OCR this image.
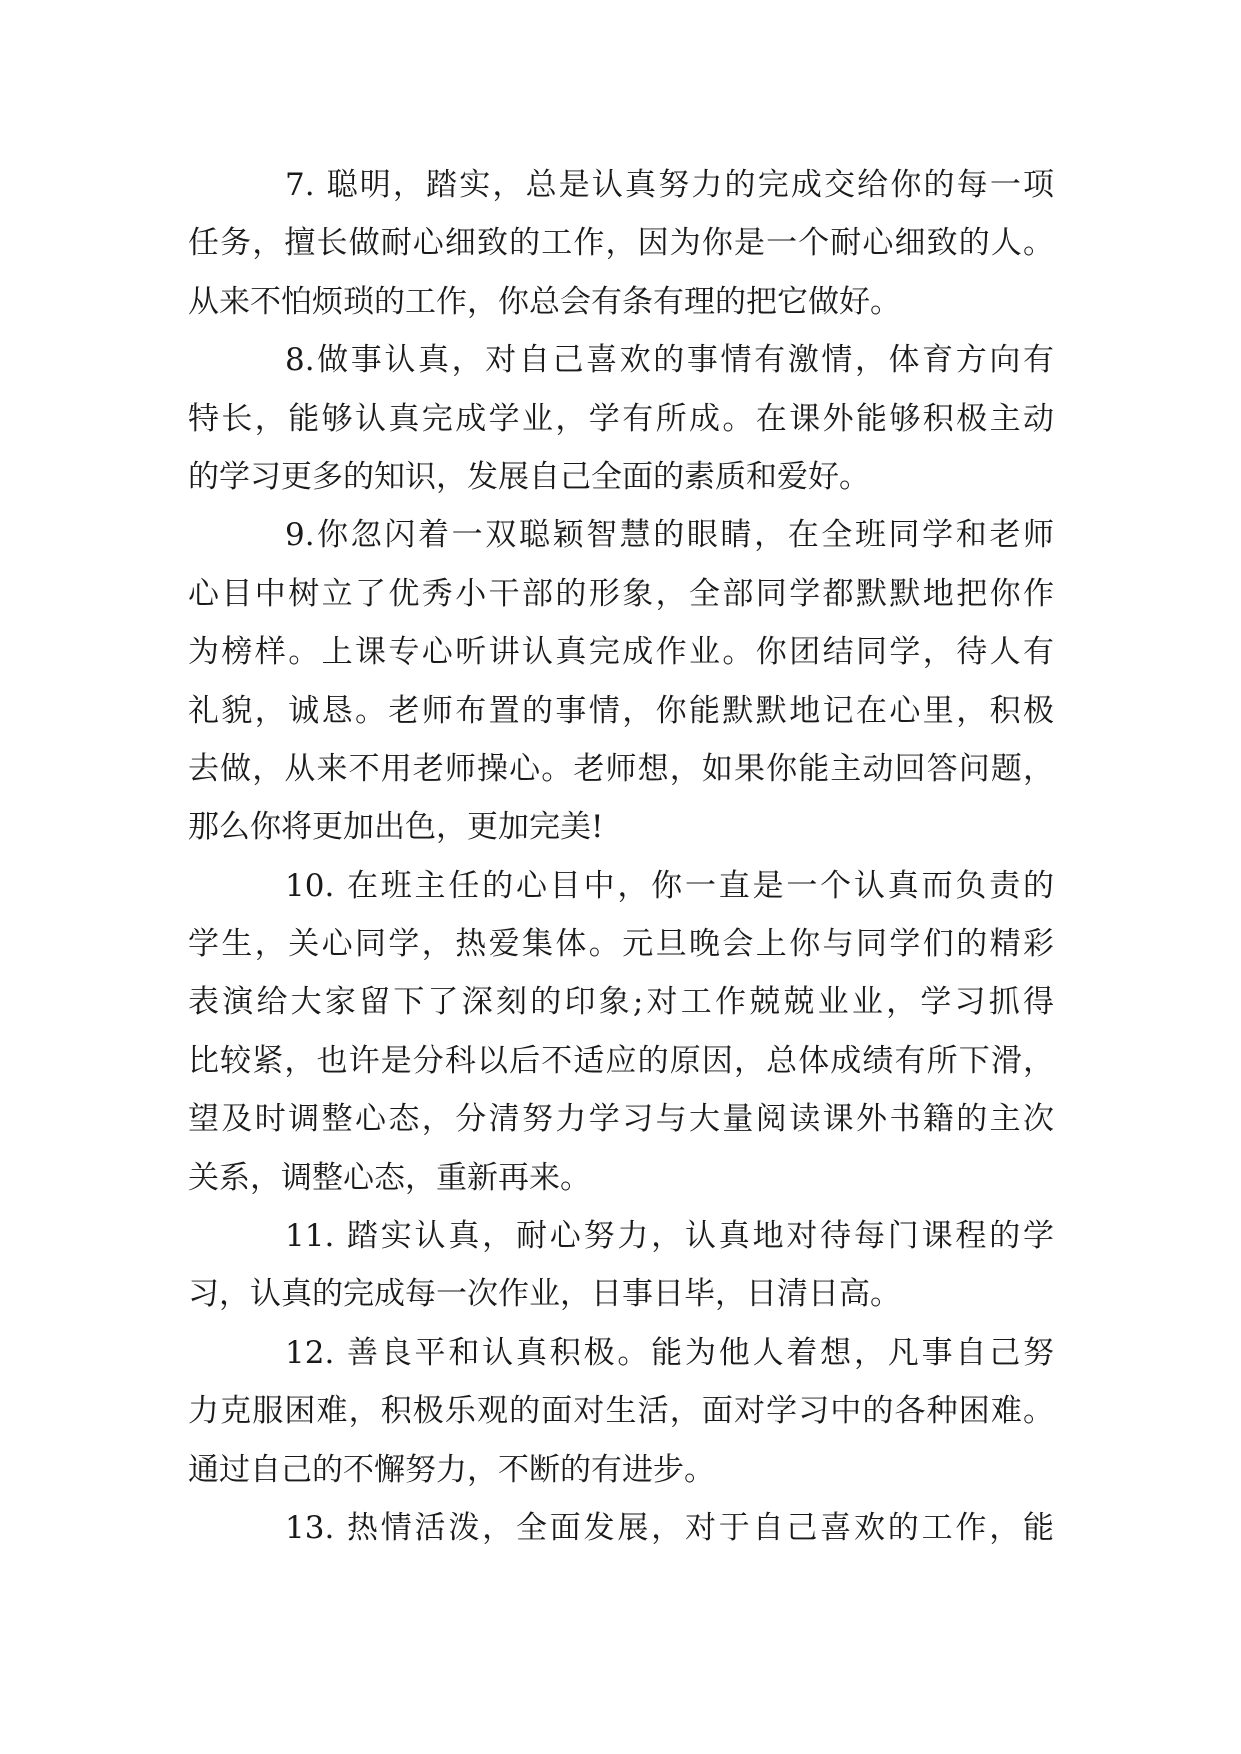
7. 聪明，踏实，总是认真努力的完成交给你的每一项
任务，擅长做耐心细致的工作，因为你是一个耐心细致的人。
从来不怕烦琐的工作，你总会有条有理的把它做好。
8.做事认真，对自己喜欢的事情有激情，体育方向有
特长，能够认真完成学业，学有所成。在课外能够积极主动
的学习更多的知识，发展自己全面的素质和爱好。
9.你忽闪着一双聪颖智慧的眼睛，在全班同学和老师
心目中树立了优秀小干部的形象，全部同学都默默地把你作
为榜样。上课专心听讲认真完成作业。你团结同学，待人有
礼貌，诚恳。老师布置的事情，你能默默地记在心里，积极
去做，从来不用老师操心。老师想，如果你能主动回答问题，
那么你将更加出色，更加完美!
10. 在班主任的心目中，你一直是一个认真而负责的
学生，关心同学，热爱集体。元旦晚会上你与同学们的精彩
表演给大家留下了深刻的印象;对工作兢兢业业，学习抓得
比较紧，也许是分科以后不适应的原因，总体成绩有所下滑，
望及时调整心态，分清努力学习与大量阅读课外书籍的主次
关系，调整心态，重新再来。
11. 踏实认真，耐心努力，认真地对待每门课程的学
习，认真的完成每一次作业，日事日毕，日清日高。
12. 善良平和认真积极。能为他人着想，凡事自己努
力克服困难，积极乐观的面对生活，面对学习中的各种困难。
通过自己的不懈努力，不断的有进步。
13. 热情活泼，全面发展，对于自己喜欢的工作，能
